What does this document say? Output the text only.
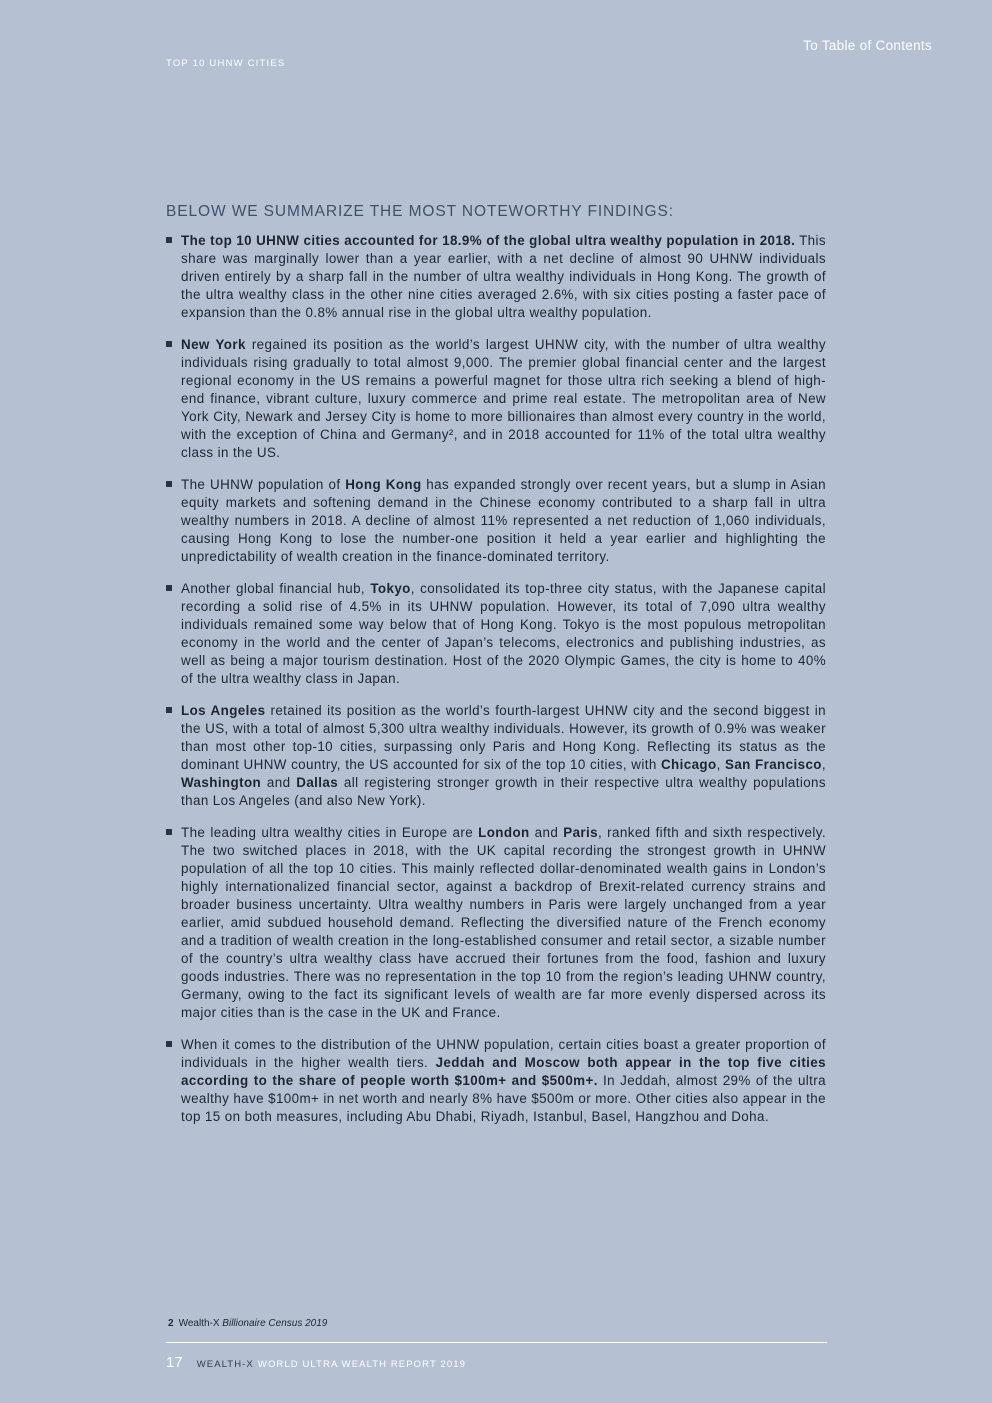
To Table of Contents
TOP 10 UHNW CITIES
BELOW WE SUMMARIZE THE MOST NOTEWORTHY FINDINGS:
The top 10 UHNW cities accounted for 18.9% of the global ultra wealthy population in 2018. This share was marginally lower than a year earlier, with a net decline of almost 90 UHNW individuals driven entirely by a sharp fall in the number of ultra wealthy individuals in Hong Kong. The growth of the ultra wealthy class in the other nine cities averaged 2.6%, with six cities posting a faster pace of expansion than the 0.8% annual rise in the global ultra wealthy population.
New York regained its position as the world’s largest UHNW city, with the number of ultra wealthy individuals rising gradually to total almost 9,000. The premier global financial center and the largest regional economy in the US remains a powerful magnet for those ultra rich seeking a blend of high-end finance, vibrant culture, luxury commerce and prime real estate. The metropolitan area of New York City, Newark and Jersey City is home to more billionaires than almost every country in the world, with the exception of China and Germany², and in 2018 accounted for 11% of the total ultra wealthy class in the US.
The UHNW population of Hong Kong has expanded strongly over recent years, but a slump in Asian equity markets and softening demand in the Chinese economy contributed to a sharp fall in ultra wealthy numbers in 2018. A decline of almost 11% represented a net reduction of 1,060 individuals, causing Hong Kong to lose the number-one position it held a year earlier and highlighting the unpredictability of wealth creation in the finance-dominated territory.
Another global financial hub, Tokyo, consolidated its top-three city status, with the Japanese capital recording a solid rise of 4.5% in its UHNW population. However, its total of 7,090 ultra wealthy individuals remained some way below that of Hong Kong. Tokyo is the most populous metropolitan economy in the world and the center of Japan’s telecoms, electronics and publishing industries, as well as being a major tourism destination. Host of the 2020 Olympic Games, the city is home to 40% of the ultra wealthy class in Japan.
Los Angeles retained its position as the world’s fourth-largest UHNW city and the second biggest in the US, with a total of almost 5,300 ultra wealthy individuals. However, its growth of 0.9% was weaker than most other top-10 cities, surpassing only Paris and Hong Kong. Reflecting its status as the dominant UHNW country, the US accounted for six of the top 10 cities, with Chicago, San Francisco, Washington and Dallas all registering stronger growth in their respective ultra wealthy populations than Los Angeles (and also New York).
The leading ultra wealthy cities in Europe are London and Paris, ranked fifth and sixth respectively. The two switched places in 2018, with the UK capital recording the strongest growth in UHNW population of all the top 10 cities. This mainly reflected dollar-denominated wealth gains in London’s highly internationalized financial sector, against a backdrop of Brexit-related currency strains and broader business uncertainty. Ultra wealthy numbers in Paris were largely unchanged from a year earlier, amid subdued household demand. Reflecting the diversified nature of the French economy and a tradition of wealth creation in the long-established consumer and retail sector, a sizable number of the country’s ultra wealthy class have accrued their fortunes from the food, fashion and luxury goods industries. There was no representation in the top 10 from the region’s leading UHNW country, Germany, owing to the fact its significant levels of wealth are far more evenly dispersed across its major cities than is the case in the UK and France.
When it comes to the distribution of the UHNW population, certain cities boast a greater proportion of individuals in the higher wealth tiers. Jeddah and Moscow both appear in the top five cities according to the share of people worth $100m+ and $500m+. In Jeddah, almost 29% of the ultra wealthy have $100m+ in net worth and nearly 8% have $500m or more. Other cities also appear in the top 15 on both measures, including Abu Dhabi, Riyadh, Istanbul, Basel, Hangzhou and Doha.
2 Wealth-X Billionaire Census 2019
17 WEALTH-X WORLD ULTRA WEALTH REPORT 2019
